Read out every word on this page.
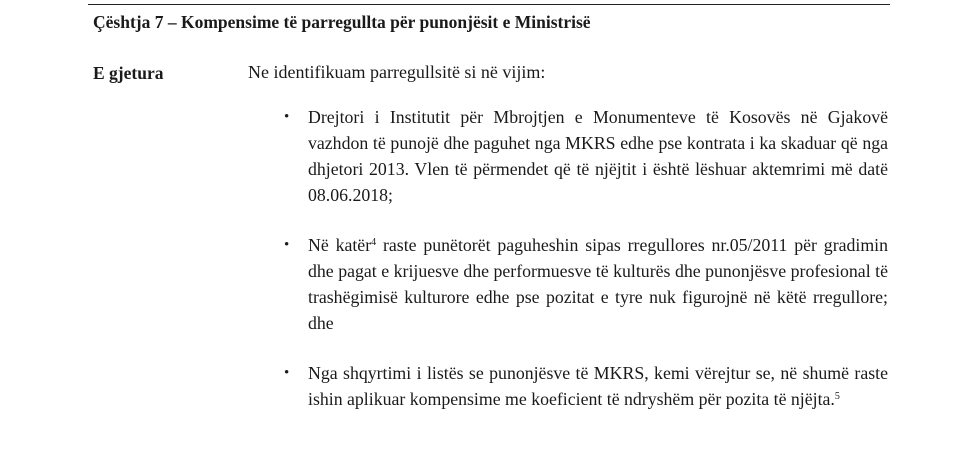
Çështja 7 – Kompensime të parregullta për punonjësit e Ministrisë
E gjetura	Ne identifikuam parregullsitë si në vijim:
• Drejtori i Institutit për Mbrojtjen e Monumenteve të Kosovës në Gjakovë vazhdon të punojë dhe paguhet nga MKRS edhe pse kontrata i ka skaduar që nga dhjetori 2013. Vlen të përmendet që të njëjtit i është lëshuar aktemrimi më datë 08.06.2018;
• Në katër$^4$ raste punëtorët paguheshin sipas rregullores nr.05/2011 për gradimin dhe pagat e krijuesve dhe performuesve të kulturës dhe punonjësve profesional të trashëgimisë kulturore edhe pse pozitat e tyre nuk figurojnë në këtë rregullore; dhe
• Nga shqyrtimi i listës se punonjësve të MKRS, kemi vërejtur se, në shumë raste ishin aplikuar kompensime me koeficient të ndryshëm për pozita të njëjta.$^5$
